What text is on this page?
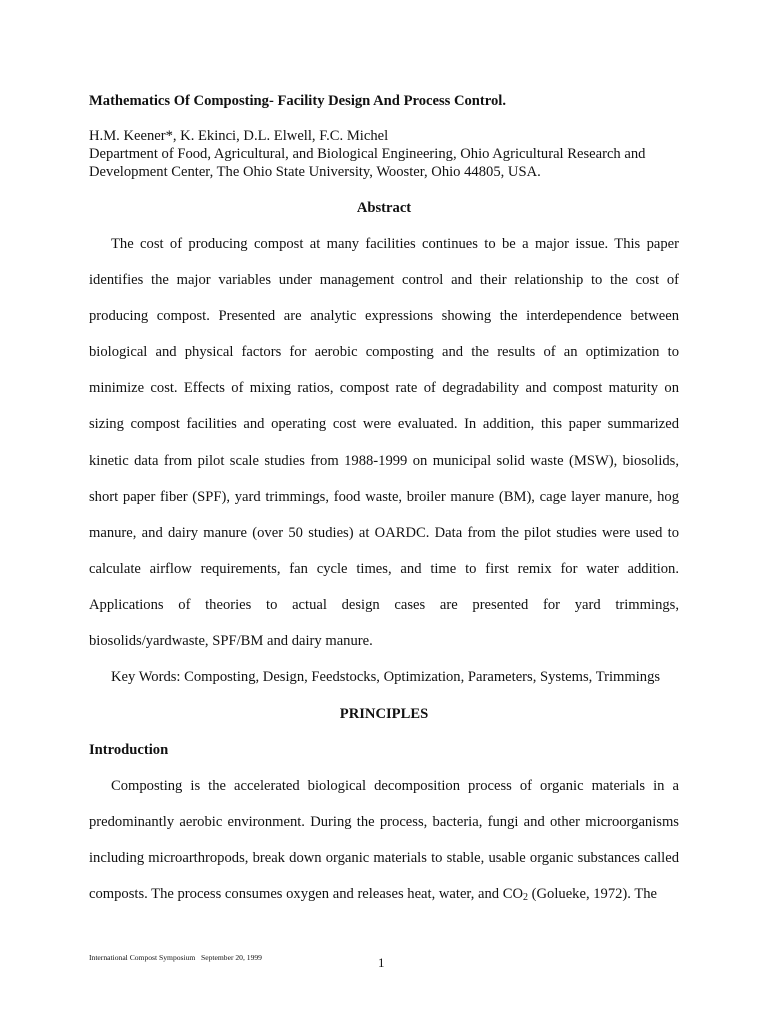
Mathematics Of Composting- Facility Design And Process Control.
H.M. Keener*, K. Ekinci, D.L. Elwell, F.C. Michel
Department of Food, Agricultural, and Biological Engineering, Ohio Agricultural Research and Development Center, The Ohio State University, Wooster, Ohio 44805, USA.
Abstract

The cost of producing compost at many facilities continues to be a major issue. This paper identifies the major variables under management control and their relationship to the cost of producing compost. Presented are analytic expressions showing the interdependence between biological and physical factors for aerobic composting and the results of an optimization to minimize cost. Effects of mixing ratios, compost rate of degradability and compost maturity on sizing compost facilities and operating cost were evaluated. In addition, this paper summarized kinetic data from pilot scale studies from 1988-1999 on municipal solid waste (MSW), biosolids, short paper fiber (SPF), yard trimmings, food waste, broiler manure (BM), cage layer manure, hog manure, and dairy manure (over 50 studies) at OARDC. Data from the pilot studies were used to calculate airflow requirements, fan cycle times, and time to first remix for water addition. Applications of theories to actual design cases are presented for yard trimmings, biosolids/yardwaste, SPF/BM and dairy manure.

Key Words: Composting, Design, Feedstocks, Optimization, Parameters, Systems, Trimmings
PRINCIPLES
Introduction

Composting is the accelerated biological decomposition process of organic materials in a predominantly aerobic environment. During the process, bacteria, fungi and other microorganisms including microarthropods, break down organic materials to stable, usable organic substances called composts. The process consumes oxygen and releases heat, water, and $CO_2$ (Golueke, 1972). The

International Compost Symposium   September 20, 1999	1
